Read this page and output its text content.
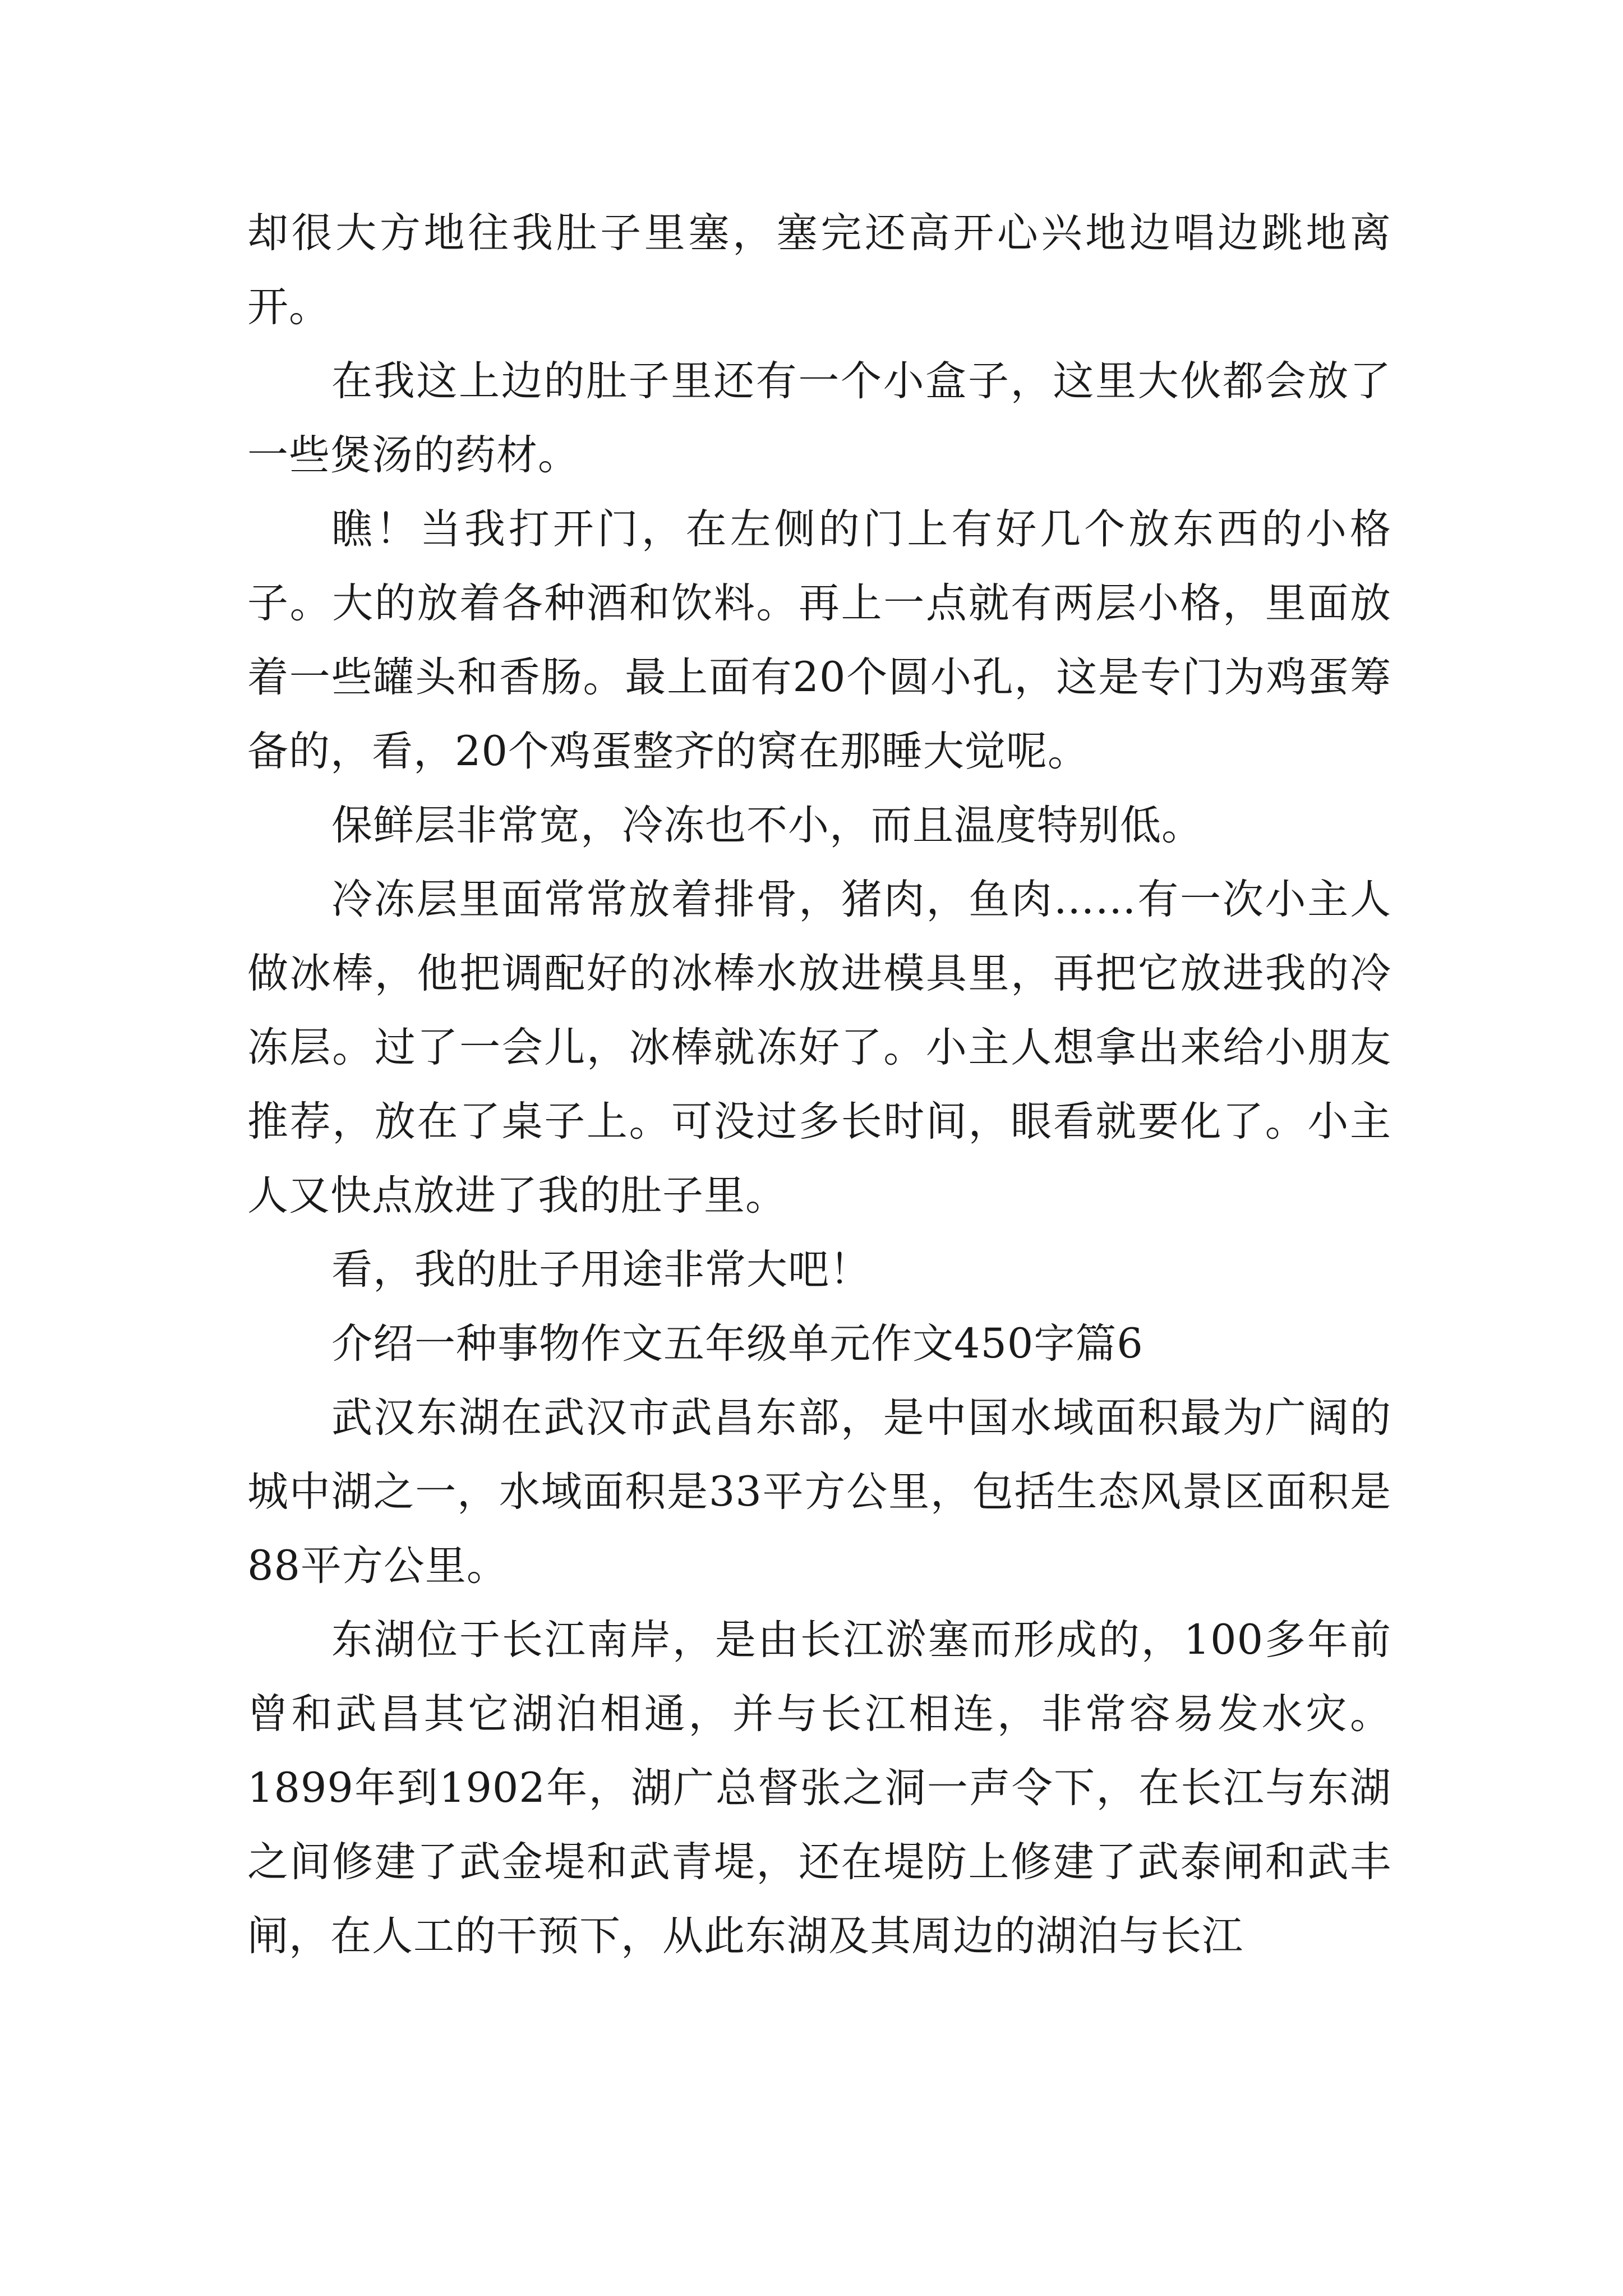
却很大方地往我肚子里塞，塞完还高开心兴地边唱边跳地离开。

在我这上边的肚子里还有一个小盒子，这里大伙都会放了一些煲汤的药材。

瞧！当我打开门，在左侧的门上有好几个放东西的小格子。大的放着各种酒和饮料。再上一点就有两层小格，里面放着一些罐头和香肠。最上面有20个圆小孔，这是专门为鸡蛋筹备的，看，20个鸡蛋整齐的窝在那睡大觉呢。

保鲜层非常宽，冷冻也不小，而且温度特别低。

冷冻层里面常常放着排骨，猪肉，鱼肉……有一次小主人做冰棒，他把调配好的冰棒水放进模具里，再把它放进我的冷冻层。过了一会儿，冰棒就冻好了。小主人想拿出来给小朋友推荐，放在了桌子上。可没过多长时间，眼看就要化了。小主人又快点放进了我的肚子里。

看，我的肚子用途非常大吧！

介绍一种事物作文五年级单元作文450字篇6

武汉东湖在武汉市武昌东部，是中国水域面积最为广阔的城中湖之一，水域面积是33平方公里，包括生态风景区面积是88平方公里。

东湖位于长江南岸，是由长江淤塞而形成的，100多年前曾和武昌其它湖泊相通，并与长江相连，非常容易发水灾。1899年到1902年，湖广总督张之洞一声令下，在长江与东湖之间修建了武金堤和武青堤，还在堤防上修建了武泰闸和武丰闸，在人工的干预下，从此东湖及其周边的湖泊与长江
